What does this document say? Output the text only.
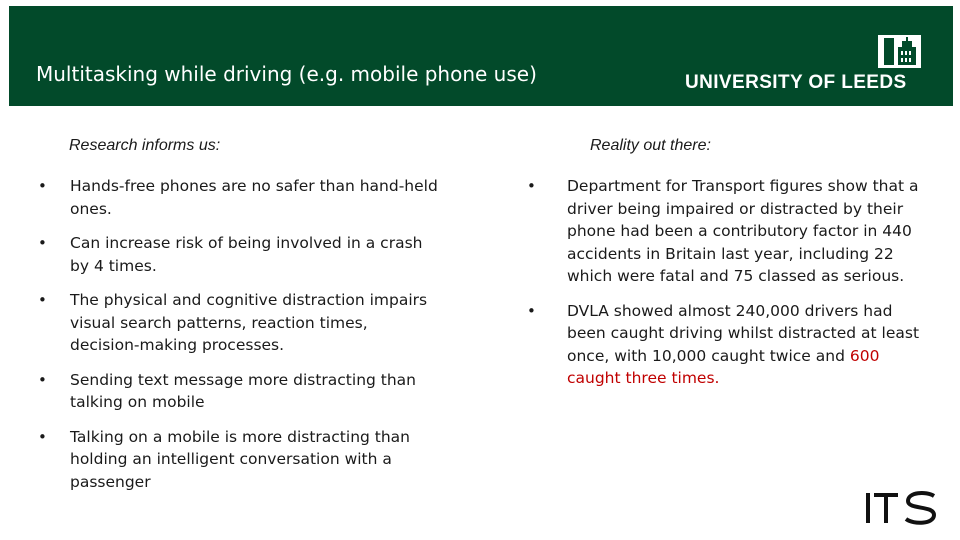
Multitasking while driving (e.g. mobile phone use)	UNIVERSITY OF LEEDS
Research informs us:	Reality out there:
• Hands-free phones are no safer than hand-held ones.
• Can increase risk of being involved in a crash by 4 times.
• The physical and cognitive distraction impairs visual search patterns, reaction times, decision-making processes.
• Sending text message more distracting than talking on mobile
• Talking on a mobile is more distracting than holding an intelligent conversation with a passenger
• Department for Transport figures show that a driver being impaired or distracted by their phone had been a contributory factor in 440 accidents in Britain last year, including 22 which were fatal and 75 classed as serious.
• DVLA showed almost 240,000 drivers had been caught driving whilst distracted at least once, with 10,000 caught twice and 600 caught three times.
